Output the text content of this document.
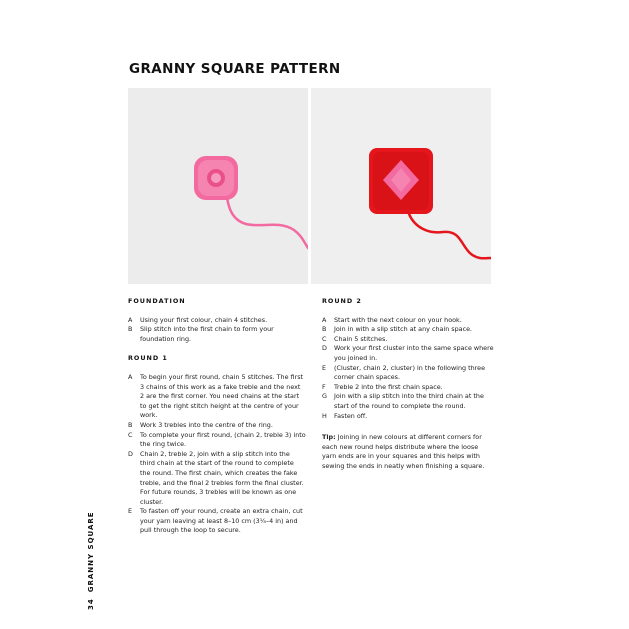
GRANNY SQUARE PATTERN
FOUNDATION
A	Using your first colour, chain 4 stitches.
B	Slip stitch into the first chain to form your foundation ring.
ROUND 1
A	To begin your first round, chain 5 stitches. The first 3 chains of this work as a fake treble and the next 2 are the first corner. You need chains at the start to get the right stitch height at the centre of your work.
B	Work 3 trebles into the centre of the ring.
C	To complete your first round, (chain 2, treble 3) into the ring twice.
D	Chain 2, treble 2, join with a slip stitch into the third chain at the start of the round to complete the round. The first chain, which creates the fake treble, and the final 2 trebles form the final cluster. For future rounds, 3 trebles will be known as one cluster.
E	To fasten off your round, create an extra chain, cut your yarn leaving at least 8–10 cm (3¼–4 in) and pull through the loop to secure.
ROUND 2
A	Start with the next colour on your hook.
B	Join in with a slip stitch at any chain space.
C	Chain 5 stitches.
D	Work your first cluster into the same space where you joined in.
E	(Cluster, chain 2, cluster) in the following three corner chain spaces.
F	Treble 2 into the first chain space.
G	Join with a slip stitch into the third chain at the start of the round to complete the round.
H	Fasten off.
Tip: Joining in new colours at different corners for each new round helps distribute where the loose yarn ends are in your squares and this helps with sewing the ends in neatly when finishing a square.
34GRANNY SQUARE
